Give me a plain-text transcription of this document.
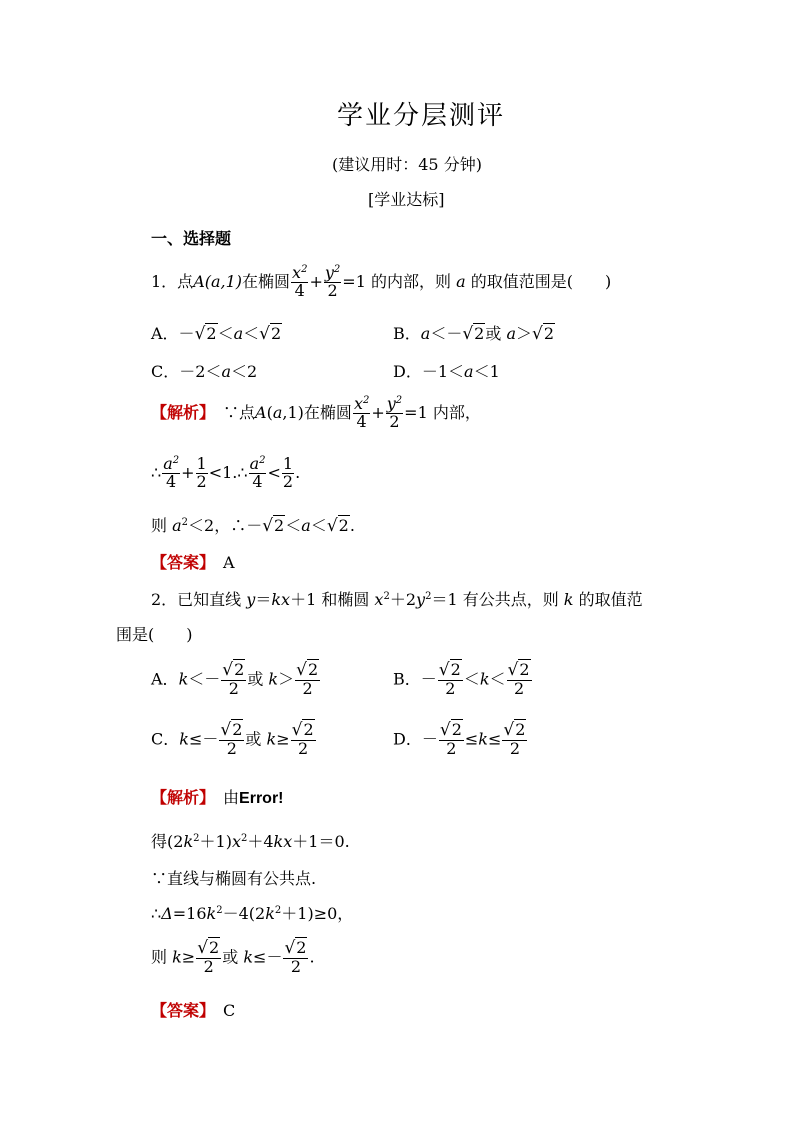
学业分层测评
(建议用时：45 分钟)
[学业达标]
一、选择题
1．点A(a,1)在椭圆 $\frac{x^2}{4} + \frac{y^2}{2} =1$ 的内部，则 a 的取值范围是(　　)
A．－√2＜a＜√2	B．a＜－√2或 a＞√2
C．－2＜a＜2	D．－1＜a＜1
【解析】　 ∵点A(a,1)在椭圆 $\frac{x^2}{4} + \frac{y^2}{2} =1$ 内部，
∴ $\frac{a^2}{4} + \frac{1}{2}$ <1.∴ $\frac{a^2}{4} < \frac{1}{2}$ .
则 $a^2<2$，∴－√2＜a＜√2.
【答案】　 A
2．已知直线 y＝kx＋1 和椭圆 $x^2+2y^2=1$ 有公共点，则 k 的取值范
围是(　　)
A．$k<- \frac{√2}{2}$ 或 $k> \frac{√2}{2}$	B．－ $\frac{√2}{2} <k< \frac{√2}{2}$
C．$k\le- \frac{√2}{2}$ 或 $k\ge \frac{√2}{2}$	D．－ $\frac{√2}{2} \le k\le \frac{√2}{2}$
【解析】　 由Error!
得$(2k^2+1)x^2+4kx+1=0$.
∵直线与椭圆有公共点.
$\therefore\Delta=16k^2-4(2k^2+1)\ge 0$，
则 $k\ge \frac{√2}{2}$ 或 $k\le- \frac{√2}{2}$ .
【答案】　 C
